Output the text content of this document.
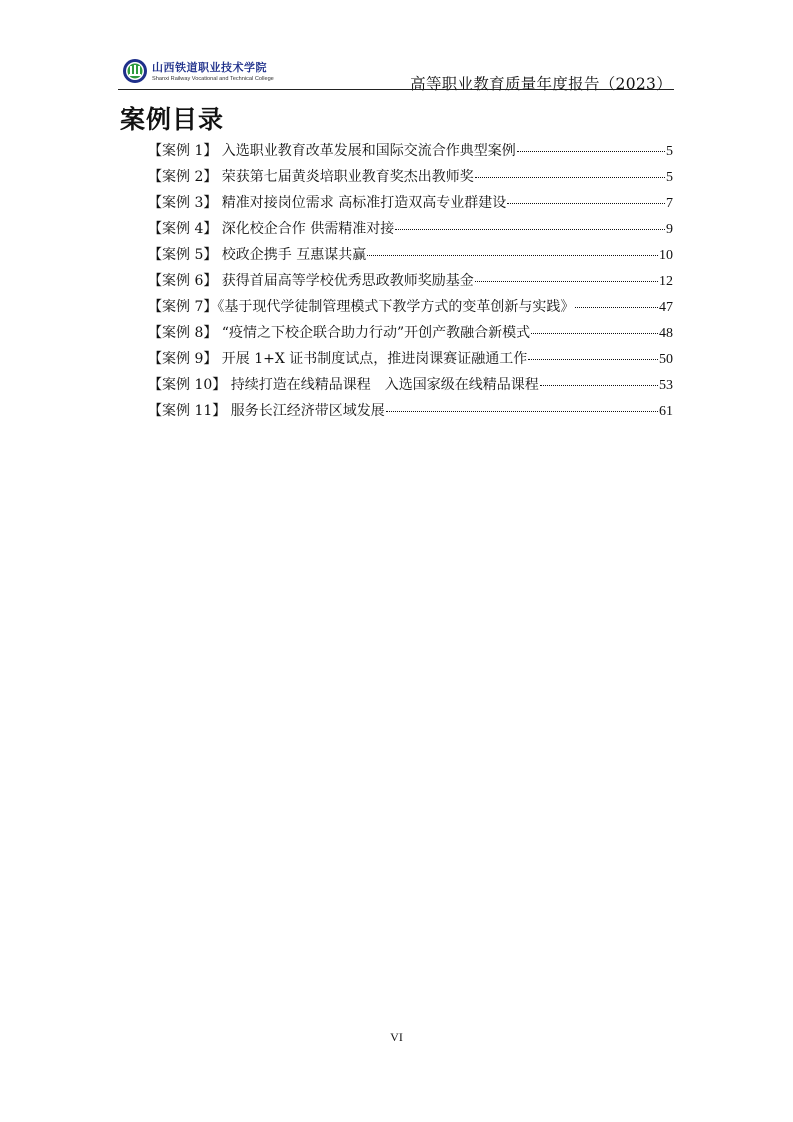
山西铁道职业技术学院
Shanxi Railway Vocational and Technical College	高等职业教育质量年度报告（2023）
案例目录
【案例 1】 入选职业教育改革发展和国际交流合作典型案例	5
【案例 2】 荣获第七届黄炎培职业教育奖杰出教师奖	5
【案例 3】 精准对接岗位需求 高标准打造双高专业群建设	7
【案例 4】 深化校企合作 供需精准对接	9
【案例 5】 校政企携手 互惠谋共赢	10
【案例 6】 获得首届高等学校优秀思政教师奖励基金	12
【案例 7】《基于现代学徒制管理模式下教学方式的变革创新与实践》	47
【案例 8】 “疫情之下校企联合助力行动”开创产教融合新模式	48
【案例 9】 开展 1+X 证书制度试点，推进岗课赛证融通工作	50
【案例 10】 持续打造在线精品课程　入选国家级在线精品课程	53
【案例 11】 服务长江经济带区域发展	61
VI
